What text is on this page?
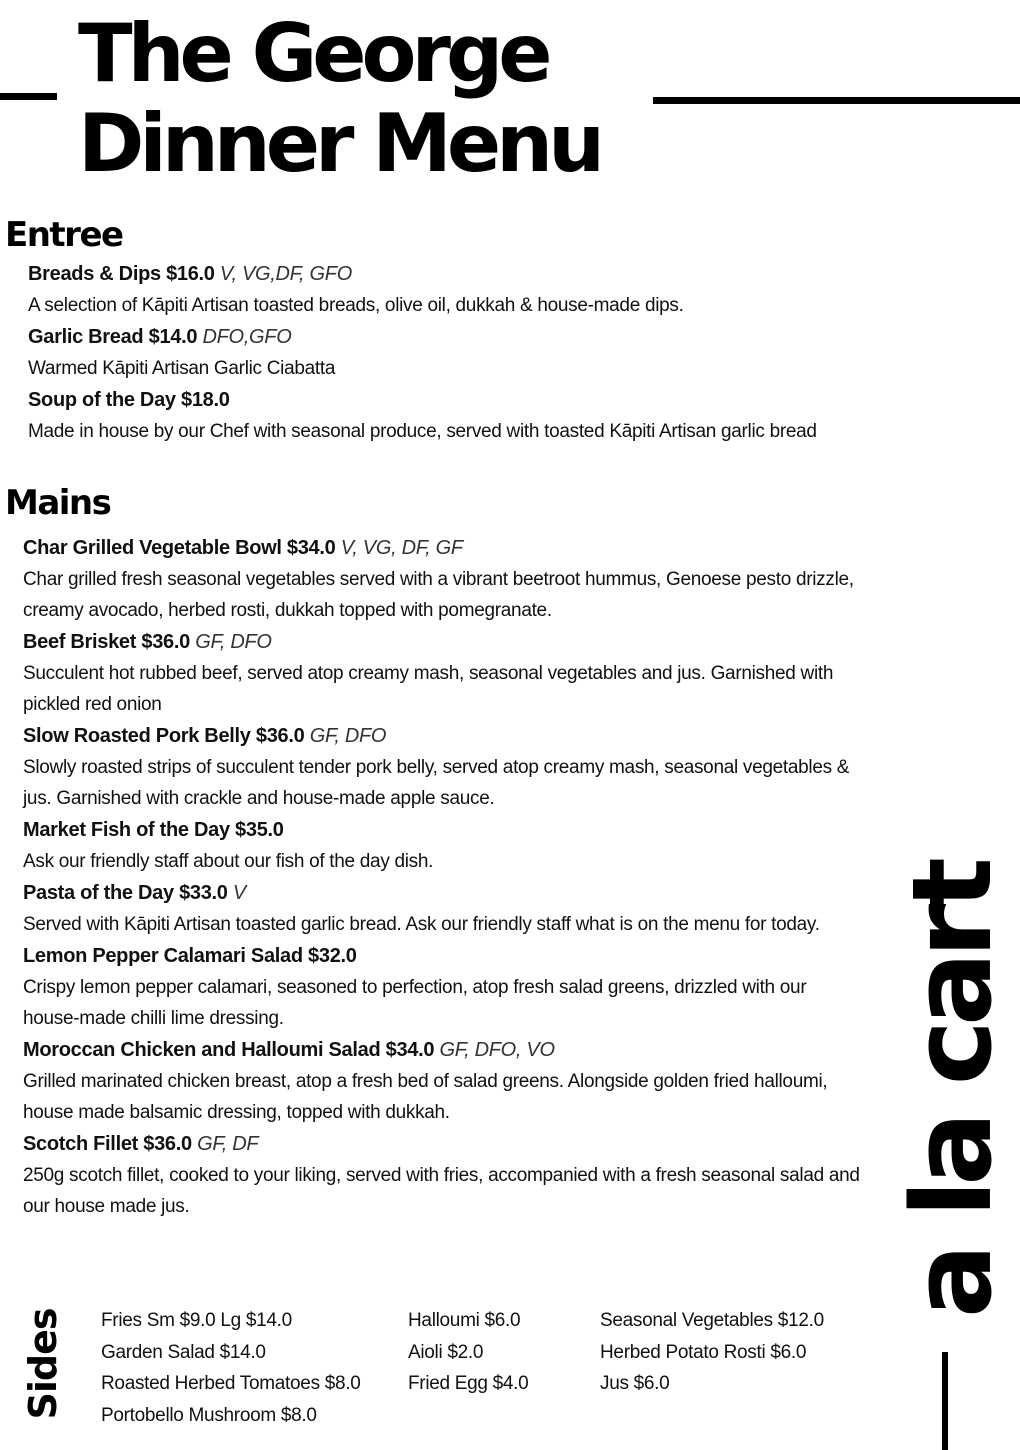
The George
Dinner Menu
Entree
Breads & Dips $16.0 V, VG,DF, GFO
A selection of Kāpiti Artisan toasted breads, olive oil, dukkah & house-made dips.
Garlic Bread $14.0 DFO,GFO
Warmed Kāpiti Artisan Garlic Ciabatta
Soup of the Day $18.0
Made in house by our Chef with seasonal produce, served with toasted Kāpiti Artisan garlic bread
Mains
Char Grilled Vegetable Bowl $34.0 V, VG, DF, GF
Char grilled fresh seasonal vegetables served with a vibrant beetroot hummus, Genoese pesto drizzle, creamy avocado, herbed rosti, dukkah topped with pomegranate.
Beef Brisket $36.0 GF, DFO
Succulent hot rubbed beef, served atop creamy mash, seasonal vegetables and jus. Garnished with pickled red onion
Slow Roasted Pork Belly $36.0 GF, DFO
Slowly roasted strips of succulent tender pork belly, served atop creamy mash, seasonal vegetables & jus. Garnished with crackle and house-made apple sauce.
Market Fish of the Day $35.0
Ask our friendly staff about our fish of the day dish.
Pasta of the Day $33.0 V
Served with Kāpiti Artisan toasted garlic bread. Ask our friendly staff what is on the menu for today.
Lemon Pepper Calamari Salad $32.0
Crispy lemon pepper calamari, seasoned to perfection, atop fresh salad greens, drizzled with our house-made chilli lime dressing.
Moroccan Chicken and Halloumi Salad $34.0 GF, DFO, VO
Grilled marinated chicken breast, atop a fresh bed of salad greens. Alongside golden fried halloumi, house made balsamic dressing, topped with dukkah.
Scotch Fillet $36.0 GF, DF
250g scotch fillet, cooked to your liking, served with fries, accompanied with a fresh seasonal salad and our house made jus.	a la cart
Sides Fries Sm $9.0 Lg $14.0
Garden Salad $14.0
Roasted Herbed Tomatoes $8.0
Portobello Mushroom $8.0
Halloumi $6.0
Aioli $2.0
Fried Egg $4.0
Seasonal Vegetables $12.0
Herbed Potato Rosti $6.0
Jus $6.0
